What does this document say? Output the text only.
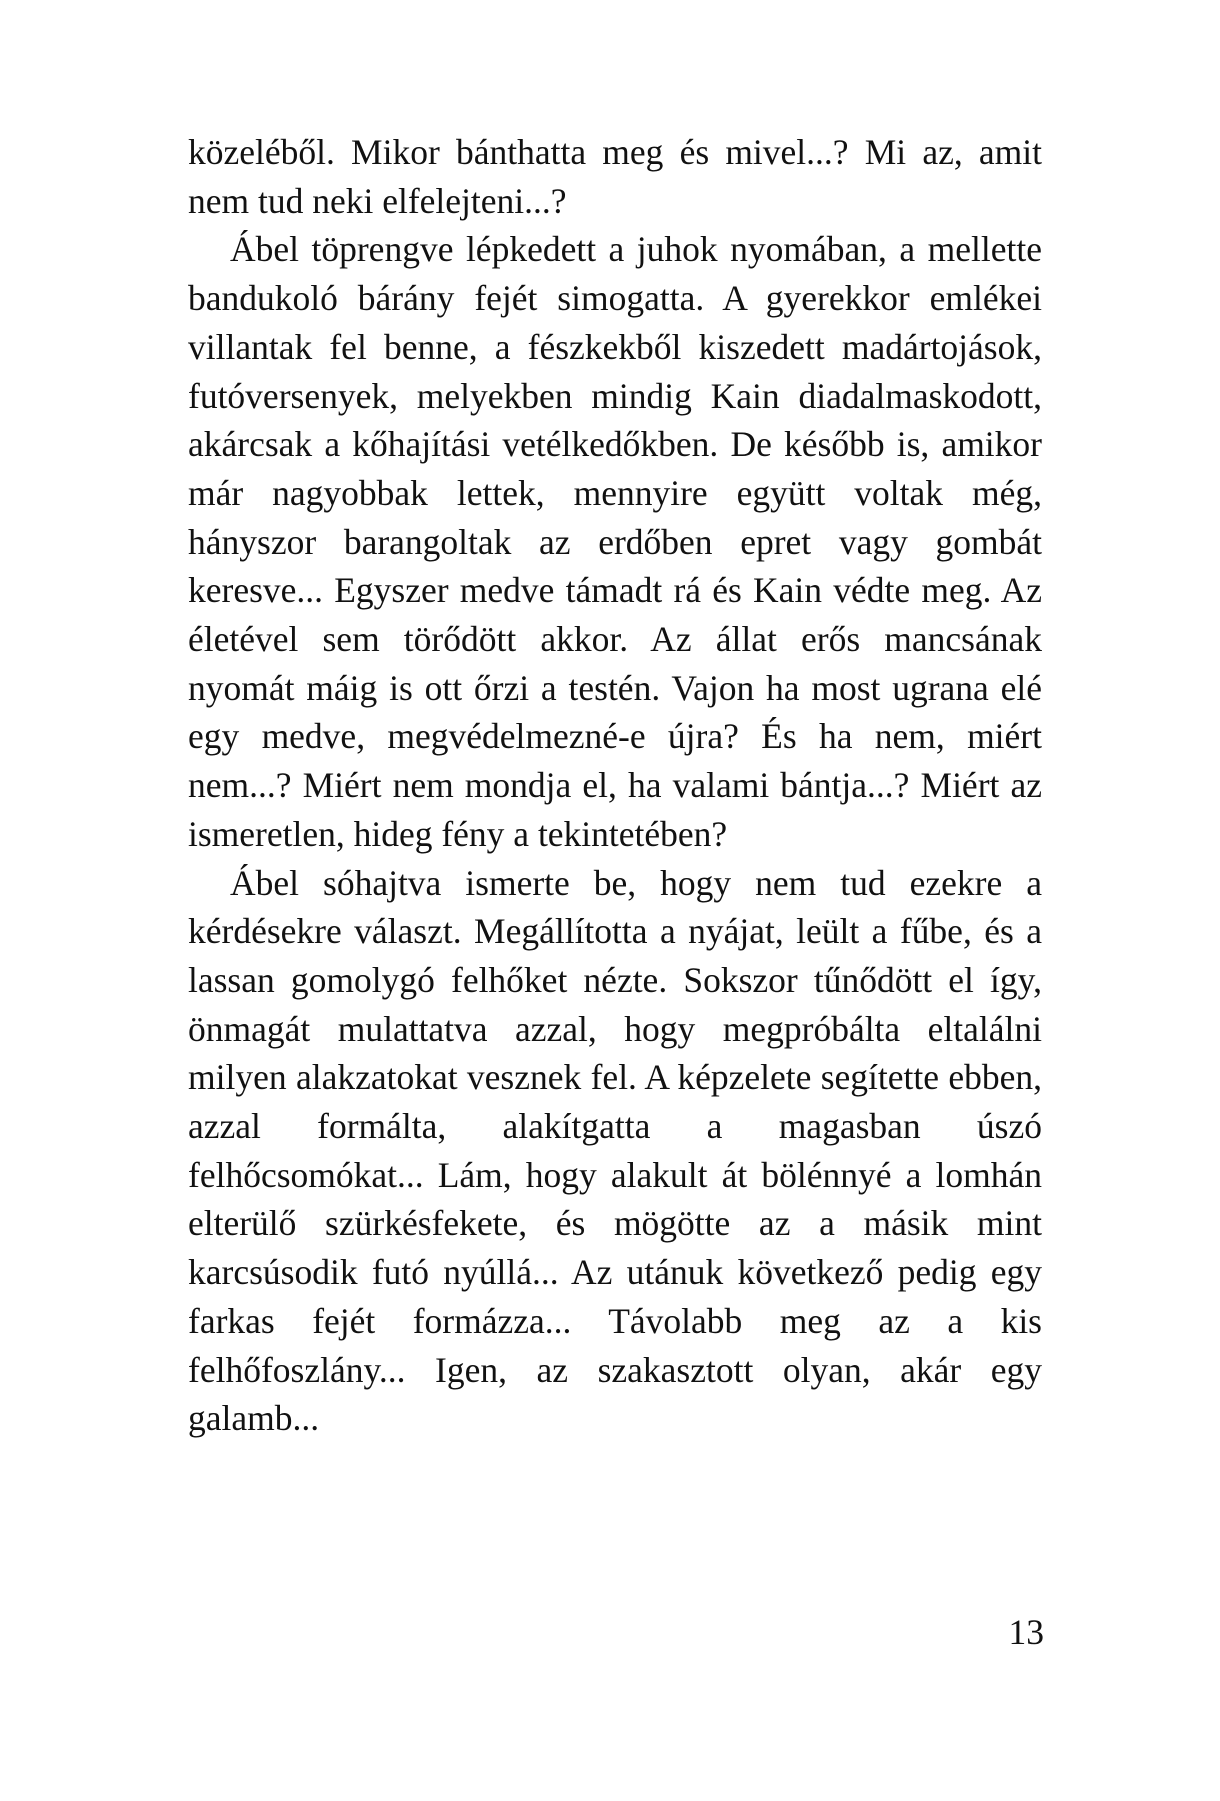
közeléből. Mikor bánthatta meg és mivel...? Mi az, amit nem tud neki elfelejteni...?

Ábel töprengve lépkedett a juhok nyomában, a mellette bandukoló bárány fejét simogatta. A gyerekkor emlékei villantak fel benne, a fészkekből kiszedett madártojások, futóversenyek, melyekben mindig Kain diadalmaskodott, akárcsak a kőhajítási vetélkedőkben. De később is, amikor már nagyobbak lettek, mennyire együtt voltak még, hányszor barangoltak az erdőben epret vagy gombát keresve... Egyszer medve támadt rá és Kain védte meg. Az életével sem törődött akkor. Az állat erős mancsának nyomát máig is ott őrzi a testén. Vajon ha most ugrana elé egy medve, megvédelmezné-e újra? És ha nem, miért nem...? Miért nem mondja el, ha valami bántja...? Miért az ismeretlen, hideg fény a tekintetében?

Ábel sóhajtva ismerte be, hogy nem tud ezekre a kérdésekre választ. Megállította a nyájat, leült a fűbe, és a lassan gomolygó felhőket nézte. Sokszor tűnődött el így, önmagát mulattatva azzal, hogy megpróbálta eltalálni milyen alakzatokat vesznek fel. A képzelete segítette ebben, azzal formálta, alakítgatta a magasban úszó felhőcsomókat... Lám, hogy alakult át bölénnyé a lomhán elterülő szürkésfekete, és mögötte az a másik mint karcsúsodik futó nyúllá... Az utánuk következő pedig egy farkas fejét formázza... Távolabb meg az a kis felhőfoszlány... Igen, az szakasztott olyan, akár egy galamb...

13
